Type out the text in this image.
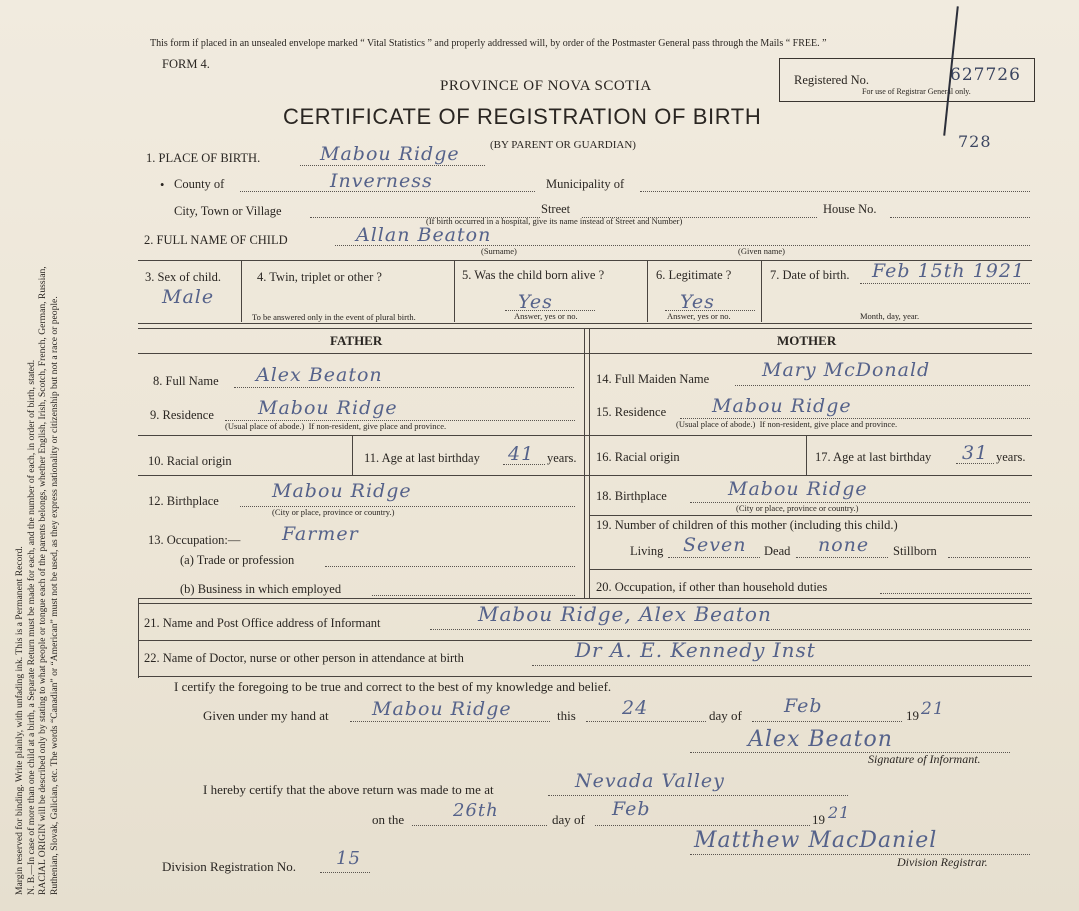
Margin reserved for binding. Write plainly, with unfading ink. This is a Permanent Record. N. B.—In case of more than one child at a birth, a Separate Return must be made for each, and the number of each, in order of birth, stated. RACIAL ORIGIN will be described only by stating to what people or tongue each of the parents belongs, whether English, Irish, Scotch, French, German, Russian, Ruthenian, Slovak, Galician, etc. The words “Canadian” or “American” must not be used, as they express nationality or citizenship but not a race or people.
This form if placed in an unsealed envelope marked “ Vital Statistics ” and properly addressed will, by order of the Postmaster General pass through the Mails “ FREE. ”
FORM 4.
PROVINCE OF NOVA SCOTIA
CERTIFICATE OF REGISTRATION OF BIRTH
(BY PARENT OR GUARDIAN)
Registered No.
For use of Registrar General only.
627726
728
1. PLACE OF BIRTH.	Mabou Ridge
• County of	Inverness	Municipality of
City, Town or Village	Street	House No.
(If birth occurred in a hospital, give its name instead of Street and Number)
2. FULL NAME OF CHILD	Allan Beaton
(Surname)	(Given name)
3. Sex of child.
Male
4. Twin, triplet or other ?
To be answered only in the event of plural birth.
5. Was the child born alive ?
Yes
Answer, yes or no.
6. Legitimate ?
Yes
Answer, yes or no.
7. Date of birth. Feb 15th 1921
Month, day, year.
FATHER	MOTHER
8. Full Name Alex Beaton	14. Full Maiden Name	Mary McDonald
9. Residence Mabou Ridge
(Usual place of abode.) If non-resident, give place and province.
15. Residence Mabou Ridge
(Usual place of abode.) If non-resident, give place and province.
10. Racial origin	11. Age at last birthday 41 years. 16. Racial origin	17. Age at last birthday 31 years.
12. Birthplace	Mabou Ridge
(City or place, province or country.)
18. Birthplace	Mabou Ridge
(City or place, province or country.)
13. Occupation:— Farmer
(a) Trade or profession
(b) Business in which employed
19. Number of children of this mother (including this child.)
Living Seven Dead none Stillborn
20. Occupation, if other than household duties
21. Name and Post Office address of Informant	Mabou Ridge, Alex Beaton
22. Name of Doctor, nurse or other person in attendance at birth	Dr A. E. Kennedy Inst
I certify the foregoing to be true and correct to the best of my knowledge and belief.
Given under my hand at Mabou Ridge	this 24	day of Feb	19 21
Alex Beaton
Signature of Informant.
I hereby certify that the above return was made to me at	Nevada Valley
on the	26th	day of Feb	19 21
Matthew MacDaniel
Division Registrar.
Division Registration No. 15
